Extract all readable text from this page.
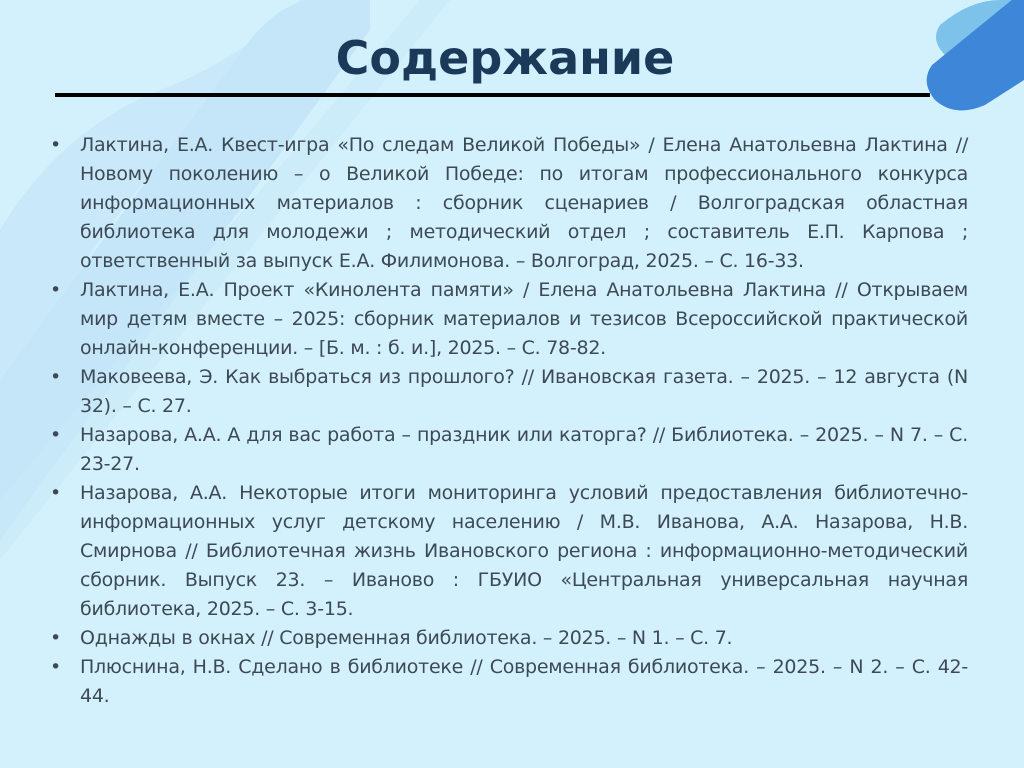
Содержание
• Лактина, Е.А. Квест-игра «По следам Великой Победы» / Елена Анатольевна Лактина // Новому поколению – о Великой Победе: по итогам профессионального конкурса информационных материалов : сборник сценариев / Волгоградская областная библиотека для молодежи ; методический отдел ; составитель Е.П. Карпова ; ответственный за выпуск Е.А. Филимонова. – Волгоград, 2025. – С. 16-33.
• Лактина, Е.А. Проект «Кинолента памяти» / Елена Анатольевна Лактина // Открываем мир детям вместе – 2025: сборник материалов и тезисов Всероссийской практической онлайн-конференции. – [Б. м. : б. и.], 2025. – С. 78-82.
• Маковеева, Э. Как выбраться из прошлого? // Ивановская газета. – 2025. – 12 августа (N 32). – С. 27.
• Назарова, А.А. А для вас работа – праздник или каторга? // Библиотека. – 2025. – N 7. – С. 23-27.
• Назарова, А.А. Некоторые итоги мониторинга условий предоставления библиотечно-информационных услуг детскому населению / М.В. Иванова, А.А. Назарова, Н.В. Смирнова // Библиотечная жизнь Ивановского региона : информационно-методический сборник. Выпуск 23. – Иваново : ГБУИО «Центральная универсальная научная библиотека, 2025. – С. 3-15.
• Однажды в окнах // Современная библиотека. – 2025. – N 1. – С. 7.
• Плюснина, Н.В. Сделано в библиотеке // Современная библиотека. – 2025. – N 2. – С. 42-44.
